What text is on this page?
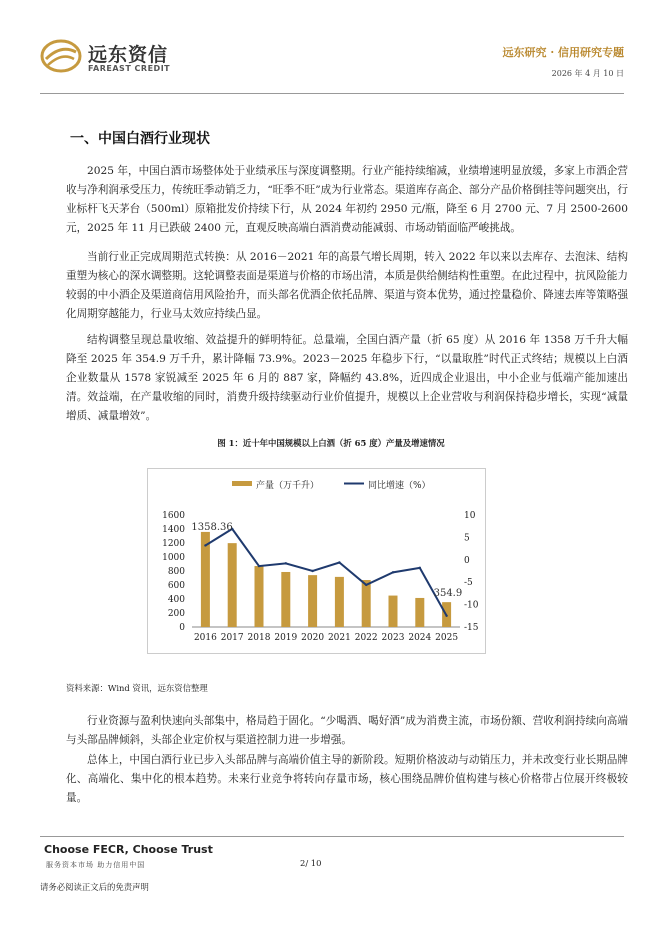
远东资信
FAREAST CREDIT
远东研究 · 信用研究专题
2026 年 4 月 10 日
一、中国白酒行业现状

2025 年，中国白酒市场整体处于业绩承压与深度调整期。行业产能持续缩减，业绩增速明显放缓，多家上市酒企营收与净利润承受压力，传统旺季动销乏力，“旺季不旺”成为行业常态。渠道库存高企、部分产品价格倒挂等问题突出，行业标杆飞天茅台（500ml）原箱批发价持续下行，从 2024 年初约 2950 元/瓶，降至 6 月 2700 元、7 月 2500-2600 元，2025 年 11 月已跌破 2400 元，直观反映高端白酒消费动能减弱、市场动销面临严峻挑战。

当前行业正完成周期范式转换：从 2016－2021 年的高景气增长周期，转入 2022 年以来以去库存、去泡沫、结构重塑为核心的深水调整期。这轮调整表面是渠道与价格的市场出清，本质是供给侧结构性重塑。在此过程中，抗风险能力较弱的中小酒企及渠道商信用风险抬升，而头部名优酒企依托品牌、渠道与资本优势，通过控量稳价、降速去库等策略强化周期穿越能力，行业马太效应持续凸显。

结构调整呈现总量收缩、效益提升的鲜明特征。总量端，全国白酒产量（折 65 度）从 2016 年 1358 万千升大幅降至 2025 年 354.9 万千升，累计降幅 73.9%。2023－2025 年稳步下行，“以量取胜”时代正式终结；规模以上白酒企业数量从 1578 家锐减至 2025 年 6 月的 887 家，降幅约 43.8%，近四成企业退出，中小企业与低端产能加速出清。效益端，在产量收缩的同时，消费升级持续驱动行业价值提升，规模以上企业营收与利润保持稳步增长，实现“减量增质、减量增效”。

图 1：近十年中国规模以上白酒（折 65 度）产量及增速情况
产量（万千升）	同比增速（%）
0
200
400
600
800
1000
1200
1400
1600
-15
-10
-5
0
5
10
2016 2017 2018 2019 2020 2021 2022 2023 2024 2025
1358.36
354.9
资料来源：Wind 资讯，远东资信整理

行业资源与盈利快速向头部集中，格局趋于固化。“少喝酒、喝好酒”成为消费主流，市场份额、营收利润持续向高端与头部品牌倾斜，头部企业定价权与渠道控制力进一步增强。

总体上，中国白酒行业已步入头部品牌与高端价值主导的新阶段。短期价格波动与动销压力，并未改变行业长期品牌化、高端化、集中化的根本趋势。未来行业竞争将转向存量市场，核心围绕品牌价值构建与核心价格带占位展开终极较量。

Choose FECR, Choose Trust
服务资本市场 助力信用中国	2/ 10
请务必阅读正文后的免责声明
